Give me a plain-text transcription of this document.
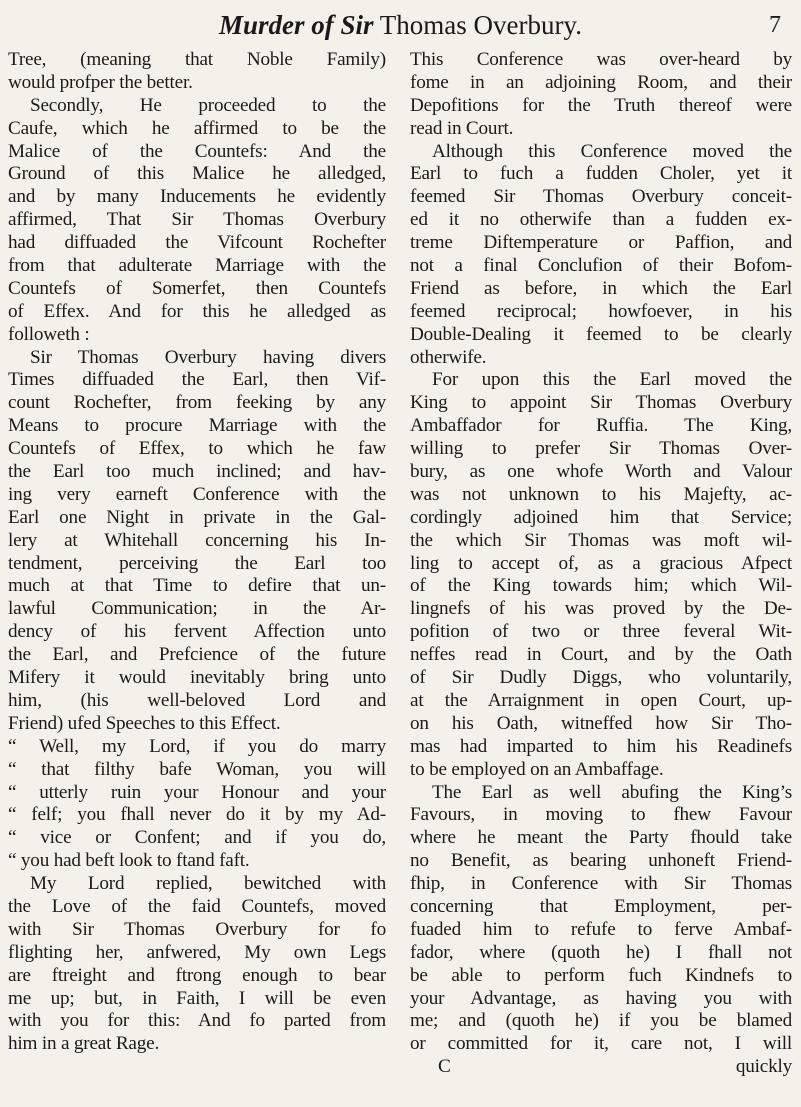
Murder of Sir Thomas Overbury.	7
Tree, (meaning that Noble Family)
would profper the better.
Secondly, He proceeded to the
Caufe, which he affirmed to be the
Malice of the Countefs: And the
Ground of this Malice he alledged,
and by many Inducements he evidently
affirmed, That Sir Thomas Overbury
had diffuaded the Vifcount Rochefter
from that adulterate Marriage with the
Countefs of Somerfet, then Countefs
of Effex. And for this he alledged as
followeth :
Sir Thomas Overbury having divers
Times diffuaded the Earl, then Vif-
count Rochefter, from feeking by any
Means to procure Marriage with the
Countefs of Effex, to which he faw
the Earl too much inclined; and hav-
ing very earneft Conference with the
Earl one Night in private in the Gal-
lery at Whitehall concerning his In-
tendment, perceiving the Earl too
much at that Time to defire that un-
lawful Communication; in the Ar-
dency of his fervent Affection unto
the Earl, and Prefcience of the future
Mifery it would inevitably bring unto
him, (his well-beloved Lord and
Friend) ufed Speeches to this Effect.
“ Well, my Lord, if you do marry
“ that filthy bafe Woman, you will
“ utterly ruin your Honour and your
“ felf; you fhall never do it by my Ad-
“ vice or Confent; and if you do,
“ you had beft look to ftand faft.
My Lord replied, bewitched with
the Love of the faid Countefs, moved
with Sir Thomas Overbury for fo
flighting her, anfwered, My own Legs
are ftreight and ftrong enough to bear
me up; but, in Faith, I will be even
with you for this: And fo parted from
him in a great Rage.
This Conference was over-heard by
fome in an adjoining Room, and their
Depofitions for the Truth thereof were
read in Court.
Although this Conference moved the
Earl to fuch a fudden Choler, yet it
feemed Sir Thomas Overbury conceit-
ed it no otherwife than a fudden ex-
treme Diftemperature or Paffion, and
not a final Conclufion of their Bofom-
Friend as before, in which the Earl
feemed reciprocal; howfoever, in his
Double-Dealing it feemed to be clearly
otherwife.
For upon this the Earl moved the
King to appoint Sir Thomas Overbury
Ambaffador for Ruffia. The King,
willing to prefer Sir Thomas Over-
bury, as one whofe Worth and Valour
was not unknown to his Majefty, ac-
cordingly adjoined him that Service;
the which Sir Thomas was moft wil-
ling to accept of, as a gracious Afpect
of the King towards him; which Wil-
lingnefs of his was proved by the De-
pofition of two or three feveral Wit-
neffes read in Court, and by the Oath
of Sir Dudly Diggs, who voluntarily,
at the Arraignment in open Court, up-
on his Oath, witneffed how Sir Tho-
mas had imparted to him his Readinefs
to be employed on an Ambaffage.
The Earl as well abufing the King’s
Favours, in moving to fhew Favour
where he meant the Party fhould take
no Benefit, as bearing unhoneft Friend-
fhip, in Conference with Sir Thomas
concerning that Employment, per-
fuaded him to refufe to ferve Ambaf-
fador, where (quoth he) I fhall not
be able to perform fuch Kindnefs to
your Advantage, as having you with
me; and (quoth he) if you be blamed
or committed for it, care not, I will
C	quickly
